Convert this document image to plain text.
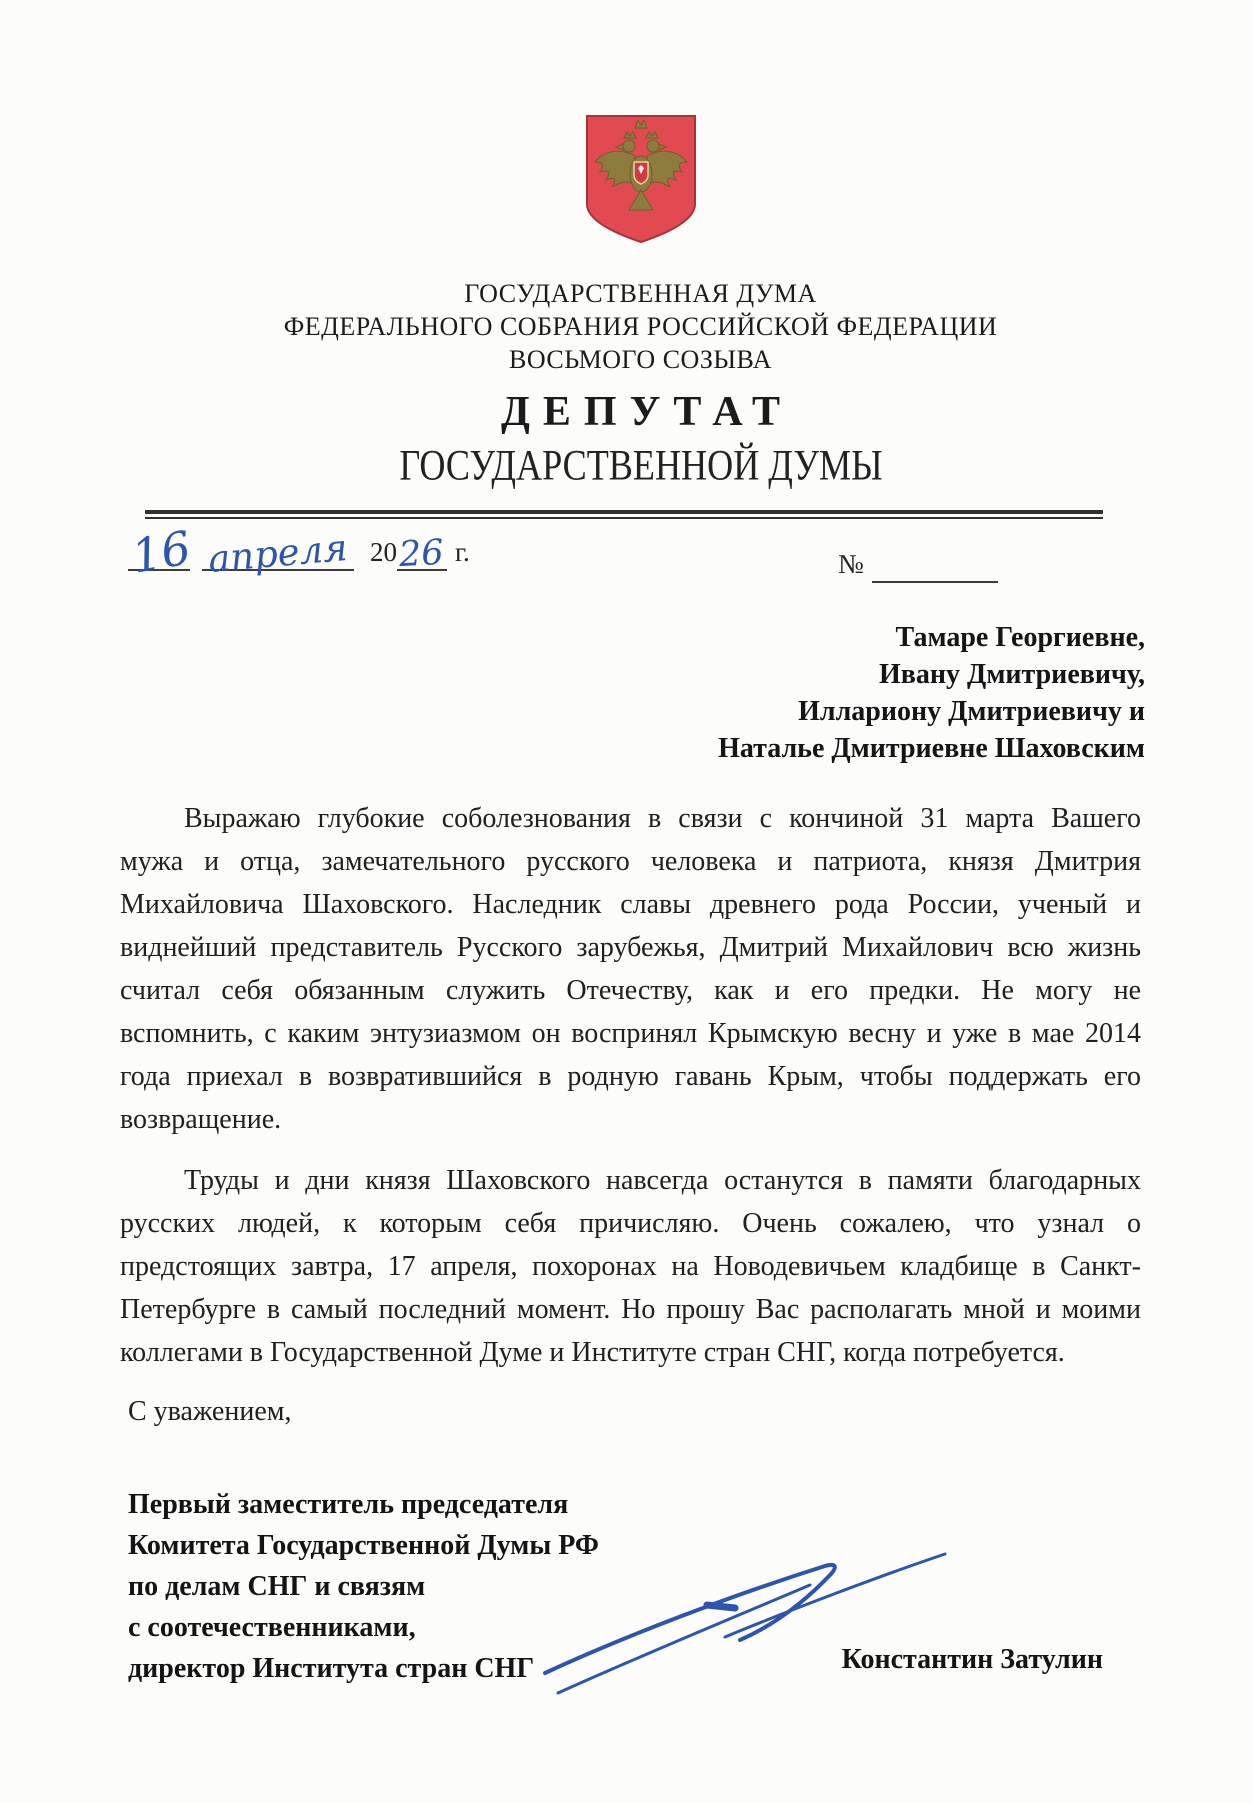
ГОСУДАРСТВЕННАЯ ДУМА
ФЕДЕРАЛЬНОГО СОБРАНИЯ РОССИЙСКОЙ ФЕДЕРАЦИИ
ВОСЬМОГО СОЗЫВА
ДЕПУТАТ
ГОСУДАРСТВЕННОЙ ДУМЫ
16
апреля 20 26 г.	№
Тамаре Георгиевне,
Ивану Дмитриевичу,
Иллариону Дмитриевичу и
Наталье Дмитриевне Шаховским
Выражаю глубокие соболезнования в связи с кончиной 31 марта Вашего
мужа и отца, замечательного русского человека и патриота, князя Дмитрия
Михайловича Шаховского. Наследник славы древнего рода России, ученый и
виднейший представитель Русского зарубежья, Дмитрий Михайлович всю жизнь
считал себя обязанным служить Отечеству, как и его предки. Не могу не
вспомнить, с каким энтузиазмом он воспринял Крымскую весну и уже в мае 2014
года приехал в возвратившийся в родную гавань Крым, чтобы поддержать его
возвращение.
Труды и дни князя Шаховского навсегда останутся в памяти благодарных
русских людей, к которым себя причисляю. Очень сожалею, что узнал о
предстоящих завтра, 17 апреля, похоронах на Новодевичьем кладбище в Санкт-
Петербурге в самый последний момент. Но прошу Вас располагать мной и моими
коллегами в Государственной Думе и Институте стран СНГ, когда потребуется.
С уважением,
Первый заместитель председателя
Комитета Государственной Думы РФ
по делам СНГ и связям
с соотечественниками,
директор Института стран СНГ	Константин Затулин
